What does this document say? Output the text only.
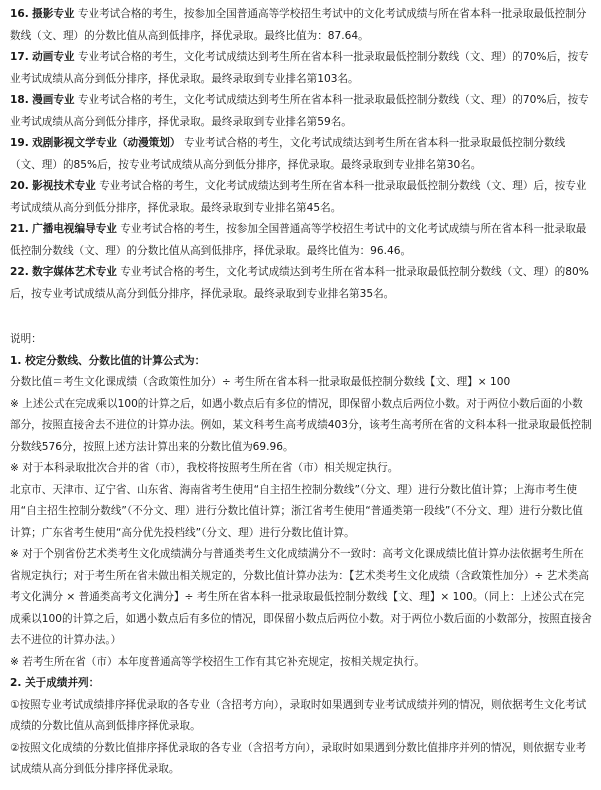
16. 摄影专业 专业考试合格的考生，按参加全国普通高等学校招生考试中的文化考试成绩与所在省本科一批录取最低控制分数线（文、理）的分数比值从高到低排序，择优录取。最终比值为：87.64。
17. 动画专业 专业考试合格的考生，文化考试成绩达到考生所在省本科一批录取最低控制分数线（文、理）的70%后，按专业考试成绩从高分到低分排序，择优录取。最终录取到专业排名第103名。
18. 漫画专业 专业考试合格的考生，文化考试成绩达到考生所在省本科一批录取最低控制分数线（文、理）的70%后，按专业考试成绩从高分到低分排序，择优录取。最终录取到专业排名第59名。
19. 戏剧影视文学专业（动漫策划） 专业考试合格的考生，文化考试成绩达到考生所在省本科一批录取最低控制分数线（文、理）的85%后，按专业考试成绩从高分到低分排序，择优录取。最终录取到专业排名第30名。
20. 影视技术专业 专业考试合格的考生，文化考试成绩达到考生所在省本科一批录取最低控制分数线（文、理）后，按专业考试成绩从高分到低分排序，择优录取。最终录取到专业排名第45名。
21. 广播电视编导专业 专业考试合格的考生，按参加全国普通高等学校招生考试中的文化考试成绩与所在省本科一批录取最低控制分数线（文、理）的分数比值从高到低排序，择优录取。最终比值为：96.46。
22. 数字媒体艺术专业 专业考试合格的考生，文化考试成绩达到考生所在省本科一批录取最低控制分数线（文、理）的80%后，按专业考试成绩从高分到低分排序，择优录取。最终录取到专业排名第35名。

说明：

1. 校定分数线、分数比值的计算公式为：

分数比值＝考生文化课成绩（含政策性加分）÷ 考生所在省本科一批录取最低控制分数线【文、理】× 100

※ 上述公式在完成乘以100的计算之后，如遇小数点后有多位的情况，即保留小数点后两位小数。对于两位小数后面的小数部分，按照直接舍去不进位的计算办法。例如，某文科考生高考成绩403分，该考生高考所在省的文科本科一批录取最低控制分数线576分，按照上述方法计算出来的分数比值为69.96。

※ 对于本科录取批次合并的省（市），我校将按照考生所在省（市）相关规定执行。

北京市、天津市、辽宁省、山东省、海南省考生使用“自主招生控制分数线”（分文、理）进行分数比值计算；上海市考生使用“自主招生控制分数线”（不分文、理）进行分数比值计算；浙江省考生使用“普通类第一段线”（不分文、理）进行分数比值计算；广东省考生使用“高分优先投档线”（分文、理）进行分数比值计算。

※ 对于个别省份艺术类考生文化成绩满分与普通类考生文化成绩满分不一致时：高考文化课成绩比值计算办法依据考生所在省规定执行；对于考生所在省未做出相关规定的，分数比值计算办法为：【艺术类考生文化成绩（含政策性加分）÷ 艺术类高考文化满分 × 普通类高考文化满分】÷ 考生所在省本科一批录取最低控制分数线【文、理】× 100。（同上：上述公式在完成乘以100的计算之后，如遇小数点后有多位的情况，即保留小数点后两位小数。对于两位小数后面的小数部分，按照直接舍去不进位的计算办法。）

※ 若考生所在省（市）本年度普通高等学校招生工作有其它补充规定，按相关规定执行。

2. 关于成绩并列：

①按照专业考试成绩排序择优录取的各专业（含招考方向），录取时如果遇到专业考试成绩并列的情况，则依据考生文化考试成绩的分数比值从高到低排序择优录取。

②按照文化成绩的分数比值排序择优录取的各专业（含招考方向），录取时如果遇到分数比值排序并列的情况，则依据专业考试成绩从高分到低分排序择优录取。
